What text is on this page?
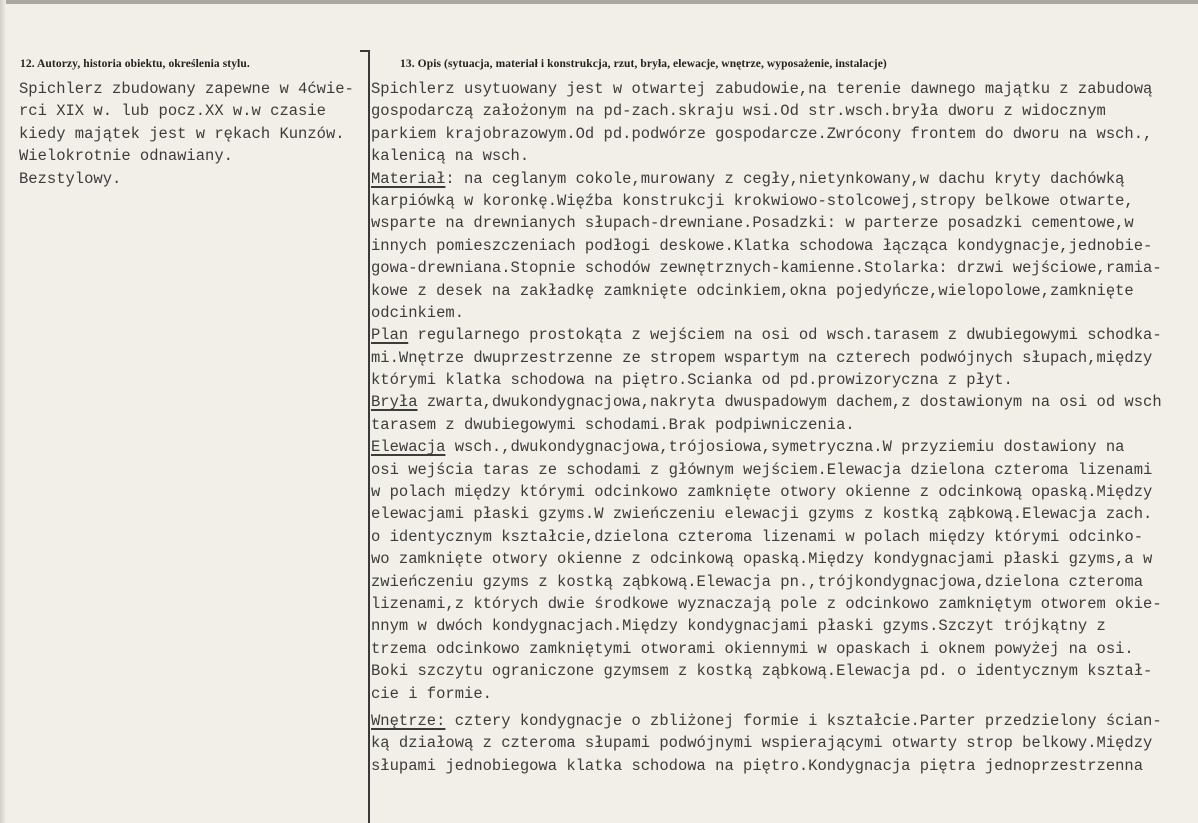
12. Autorzy, historia obiektu, określenia stylu.	13. Opis (sytuacja, materiał i konstrukcja, rzut, bryła, elewacje, wnętrze, wyposażenie, instalacje)
Spichlerz zbudowany zapewne w 4ćwie-
rci XIX w. lub pocz.XX w.w czasie
kiedy majątek jest w rękach Kunzów.
Wielokrotnie odnawiany.
Bezstylowy.
Spichlerz usytuowany jest w otwartej zabudowie,na terenie dawnego majątku z zabudową
gospodarczą założonym na pd-zach.skraju wsi.Od str.wsch.bryła dworu z widocznym
parkiem krajobrazowym.Od pd.podwórze gospodarcze.Zwrócony frontem do dworu na wsch.,
kalenicą na wsch.
Materiał: na ceglanym cokole,murowany z cegły,nietynkowany,w dachu kryty dachówką
karpiówką w koronkę.Więźba konstrukcji krokwiowo-stolcowej,stropy belkowe otwarte,
wsparte na drewnianych słupach-drewniane.Posadzki: w parterze posadzki cementowe,w
innych pomieszczeniach podłogi deskowe.Klatka schodowa łącząca kondygnacje,jednobie-
gowa-drewniana.Stopnie schodów zewnętrznych-kamienne.Stolarka: drzwi wejściowe,ramia-
kowe z desek na zakładkę zamknięte odcinkiem,okna pojedyńcze,wielopolowe,zamknięte
odcinkiem.
Plan regularnego prostokąta z wejściem na osi od wsch.tarasem z dwubiegowymi schodka-
mi.Wnętrze dwuprzestrzenne ze stropem wspartym na czterech podwójnych słupach,między
którymi klatka schodowa na piętro.Scianka od pd.prowizoryczna z płyt.
Bryła zwarta,dwukondygnacjowa,nakryta dwuspadowym dachem,z dostawionym na osi od wsch
tarasem z dwubiegowymi schodami.Brak podpiwniczenia.
Elewacja wsch.,dwukondygnacjowa,trójosiowa,symetryczna.W przyziemiu dostawiony na
osi wejścia taras ze schodami z głównym wejściem.Elewacja dzielona czteroma lizenami
w polach między którymi odcinkowo zamknięte otwory okienne z odcinkową opaską.Między
elewacjami płaski gzyms.W zwieńczeniu elewacji gzyms z kostką ząbkową.Elewacja zach.
o identycznym kształcie,dzielona czteroma lizenami w polach między którymi odcinko-
wo zamknięte otwory okienne z odcinkową opaską.Między kondygnacjami płaski gzyms,a w
zwieńczeniu gzyms z kostką ząbkową.Elewacja pn.,trójkondygnacjowa,dzielona czteroma
lizenami,z których dwie środkowe wyznaczają pole z odcinkowo zamkniętym otworem okie-
nnym w dwóch kondygnacjach.Między kondygnacjami płaski gzyms.Szczyt trójkątny z
trzema odcinkowo zamkniętymi otworami okiennymi w opaskach i oknem powyżej na osi.
Boki szczytu ograniczone gzymsem z kostką ząbkową.Elewacja pd. o identycznym kształ-
cie i formie.
Wnętrze: cztery kondygnacje o zbliżonej formie i kształcie.Parter przedzielony ścian-
ką działową z czteroma słupami podwójnymi wspierającymi otwarty strop belkowy.Między
słupami jednobiegowa klatka schodowa na piętro.Kondygnacja piętra jednoprzestrzenna
